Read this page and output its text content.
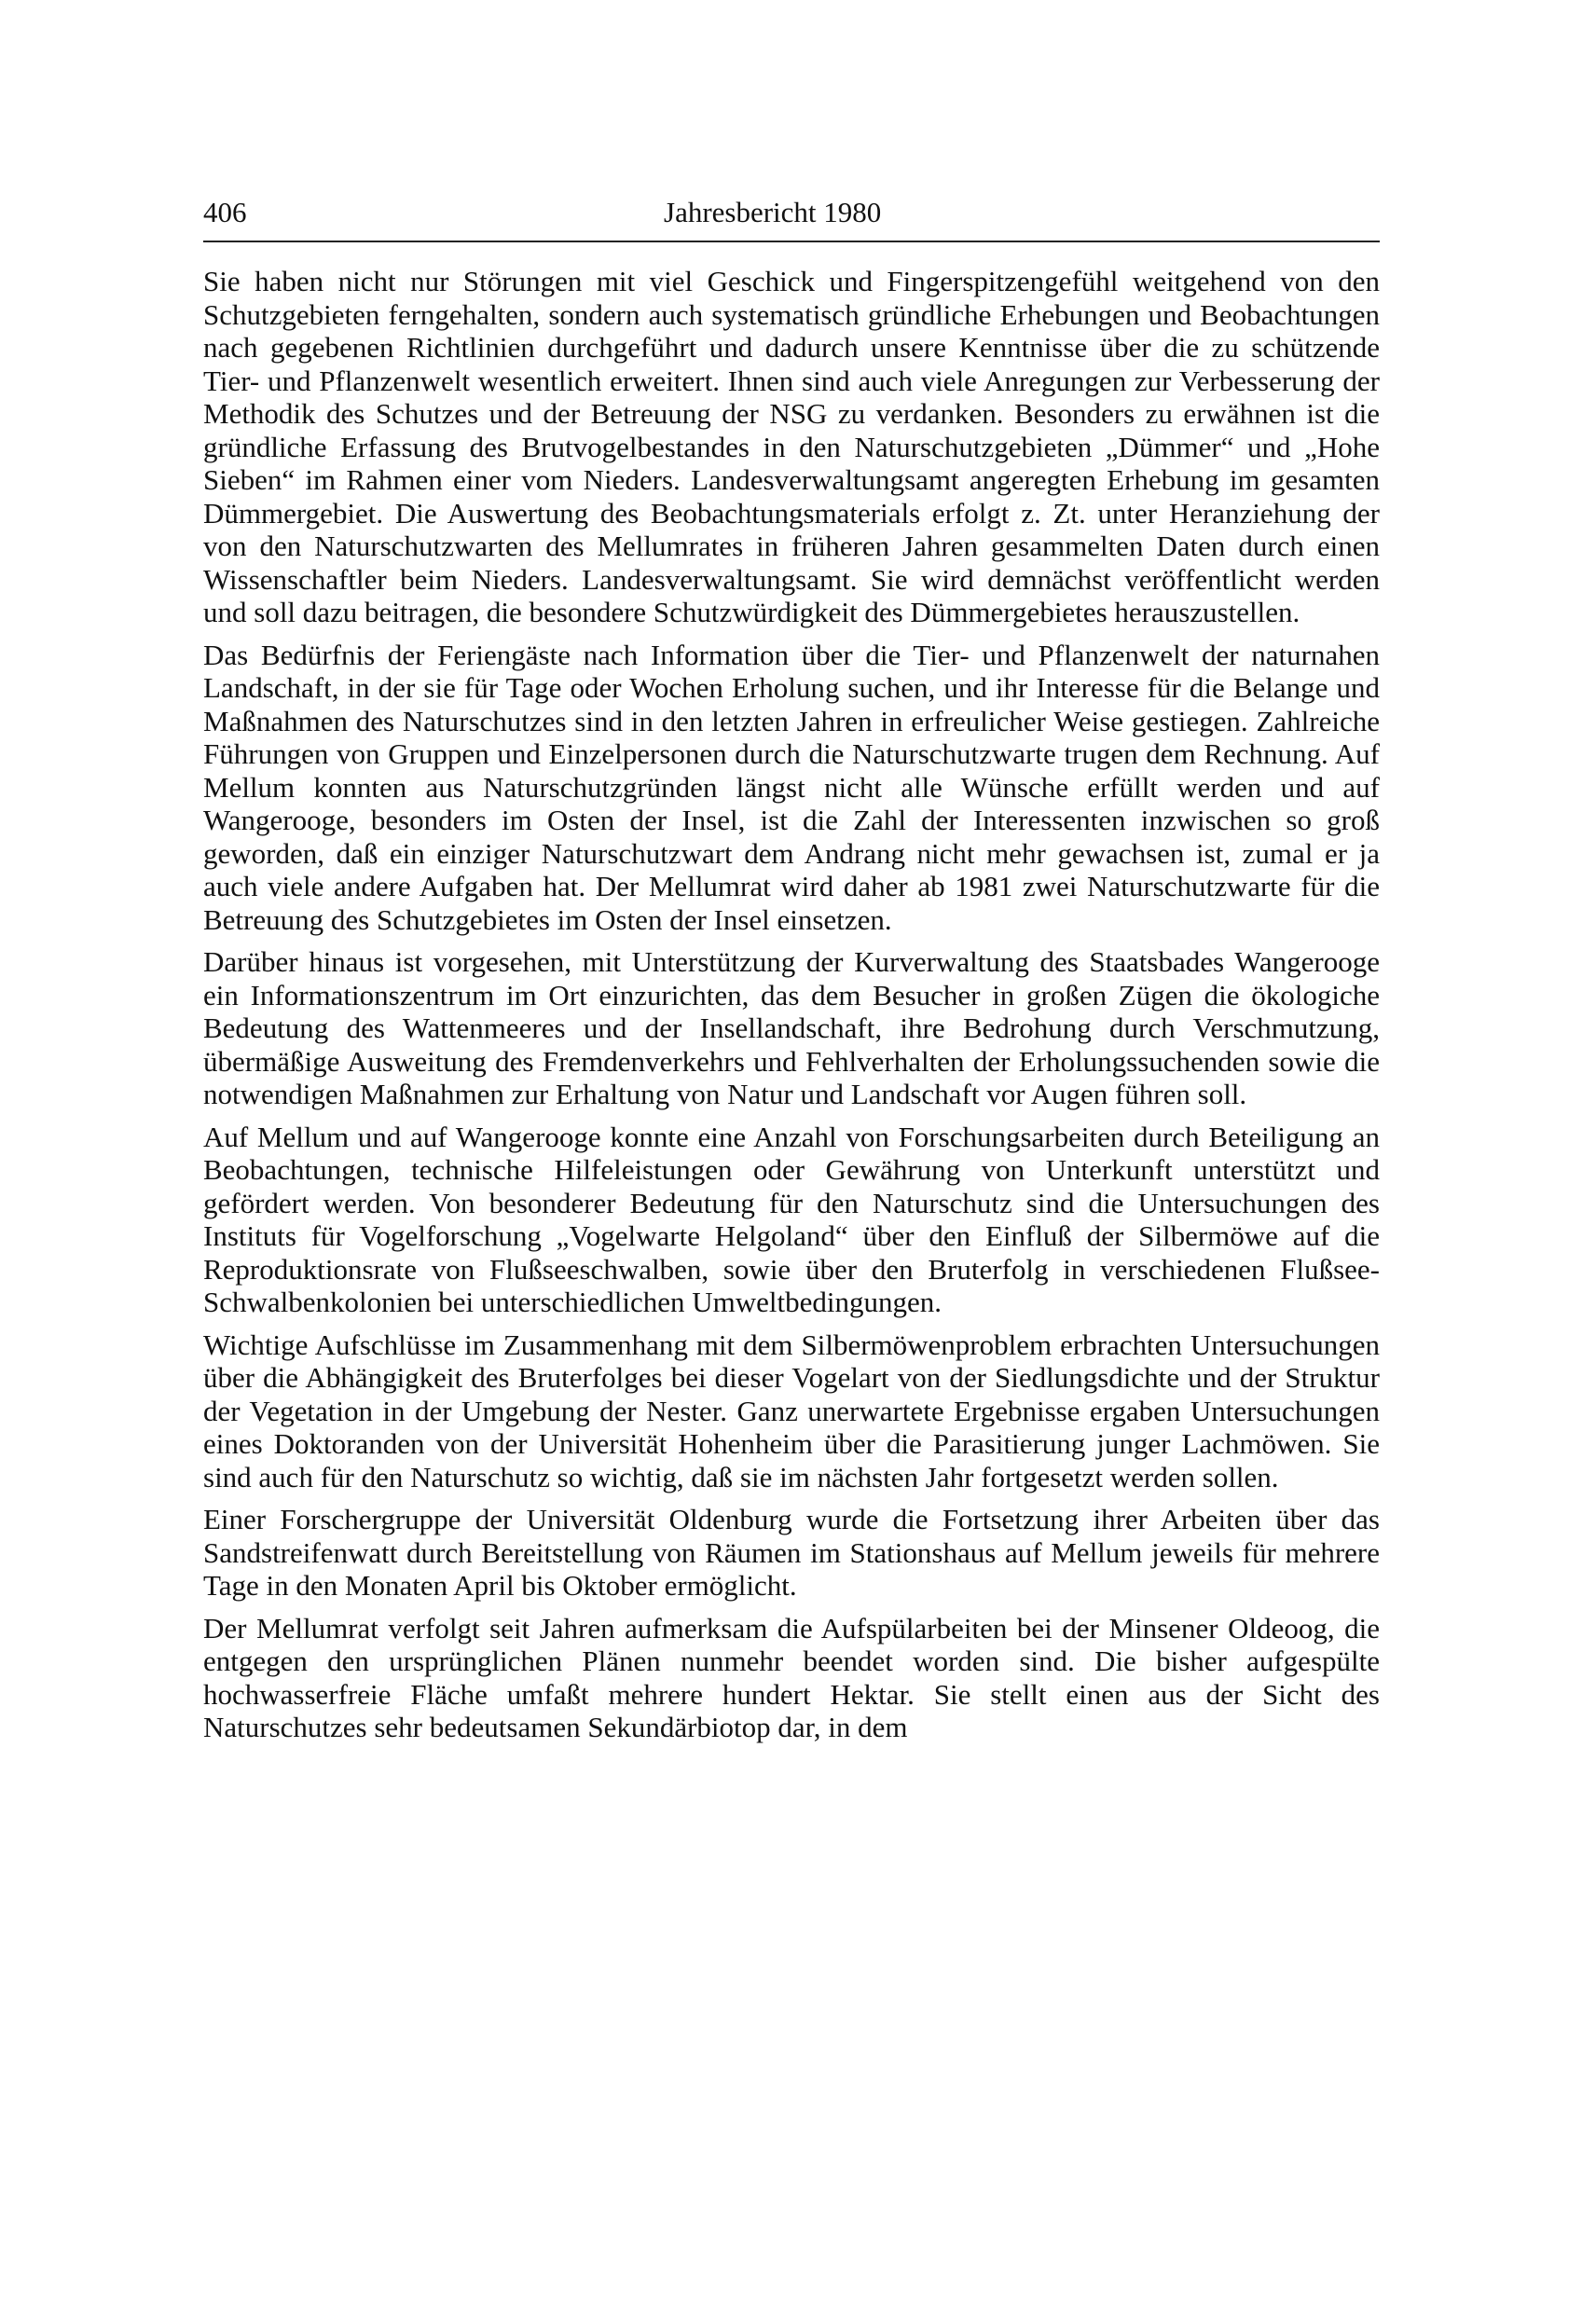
406	Jahresbericht 1980

Sie haben nicht nur Störungen mit viel Geschick und Fingerspitzengefühl weitgehend von den Schutzgebieten ferngehalten, sondern auch systematisch gründliche Erhebungen und Beobachtungen nach gegebenen Richtlinien durchgeführt und dadurch unsere Kenntnisse über die zu schützende Tier- und Pflanzenwelt wesentlich erweitert. Ihnen sind auch viele Anregungen zur Verbesserung der Methodik des Schutzes und der Betreuung der NSG zu verdanken. Besonders zu erwähnen ist die gründliche Erfassung des Brutvogelbestandes in den Naturschutzgebieten „Dümmer“ und „Hohe Sieben“ im Rahmen einer vom Nieders. Landesverwaltungsamt angeregten Erhebung im gesamten Dümmergebiet. Die Auswertung des Beobachtungsmaterials erfolgt z. Zt. unter Heranziehung der von den Naturschutzwarten des Mellumrates in früheren Jahren gesammelten Daten durch einen Wissenschaftler beim Nieders. Landesverwaltungsamt. Sie wird demnächst veröffentlicht werden und soll dazu beitragen, die besondere Schutzwürdigkeit des Dümmergebietes herauszustellen.

Das Bedürfnis der Feriengäste nach Information über die Tier- und Pflanzenwelt der naturnahen Landschaft, in der sie für Tage oder Wochen Erholung suchen, und ihr Interesse für die Belange und Maßnahmen des Naturschutzes sind in den letzten Jahren in erfreulicher Weise gestiegen. Zahlreiche Führungen von Gruppen und Einzelpersonen durch die Naturschutzwarte trugen dem Rechnung. Auf Mellum konnten aus Naturschutzgründen längst nicht alle Wünsche erfüllt werden und auf Wangerooge, besonders im Osten der Insel, ist die Zahl der Interessenten inzwischen so groß geworden, daß ein einziger Naturschutzwart dem Andrang nicht mehr gewachsen ist, zumal er ja auch viele andere Aufgaben hat. Der Mellumrat wird daher ab 1981 zwei Naturschutzwarte für die Betreuung des Schutzgebietes im Osten der Insel einsetzen.

Darüber hinaus ist vorgesehen, mit Unterstützung der Kurverwaltung des Staatsbades Wangerooge ein Informationszentrum im Ort einzurichten, das dem Besucher in großen Zügen die ökologiche Bedeutung des Wattenmeeres und der Insellandschaft, ihre Bedrohung durch Verschmutzung, übermäßige Ausweitung des Fremdenverkehrs und Fehlverhalten der Erholungssuchenden sowie die notwendigen Maßnahmen zur Erhaltung von Natur und Landschaft vor Augen führen soll.

Auf Mellum und auf Wangerooge konnte eine Anzahl von Forschungsarbeiten durch Beteiligung an Beobachtungen, technische Hilfeleistungen oder Gewährung von Unterkunft unterstützt und gefördert werden. Von besonderer Bedeutung für den Naturschutz sind die Untersuchungen des Instituts für Vogelforschung „Vogelwarte Helgoland“ über den Einfluß der Silbermöwe auf die Reproduktionsrate von Flußseeschwalben, sowie über den Bruterfolg in verschiedenen Flußsee-Schwalbenkolonien bei unterschiedlichen Umweltbedingungen.

Wichtige Aufschlüsse im Zusammenhang mit dem Silbermöwenproblem erbrachten Untersuchungen über die Abhängigkeit des Bruterfolges bei dieser Vogelart von der Siedlungsdichte und der Struktur der Vegetation in der Umgebung der Nester. Ganz unerwartete Ergebnisse ergaben Untersuchungen eines Doktoranden von der Universität Hohenheim über die Parasitierung junger Lachmöwen. Sie sind auch für den Naturschutz so wichtig, daß sie im nächsten Jahr fortgesetzt werden sollen.

Einer Forschergruppe der Universität Oldenburg wurde die Fortsetzung ihrer Arbeiten über das Sandstreifenwatt durch Bereitstellung von Räumen im Stationshaus auf Mellum jeweils für mehrere Tage in den Monaten April bis Oktober ermöglicht.

Der Mellumrat verfolgt seit Jahren aufmerksam die Aufspülarbeiten bei der Minsener Oldeoog, die entgegen den ursprünglichen Plänen nunmehr beendet worden sind. Die bisher aufgespülte hochwasserfreie Fläche umfaßt mehrere hundert Hektar. Sie stellt einen aus der Sicht des Naturschutzes sehr bedeutsamen Sekundärbiotop dar, in dem
